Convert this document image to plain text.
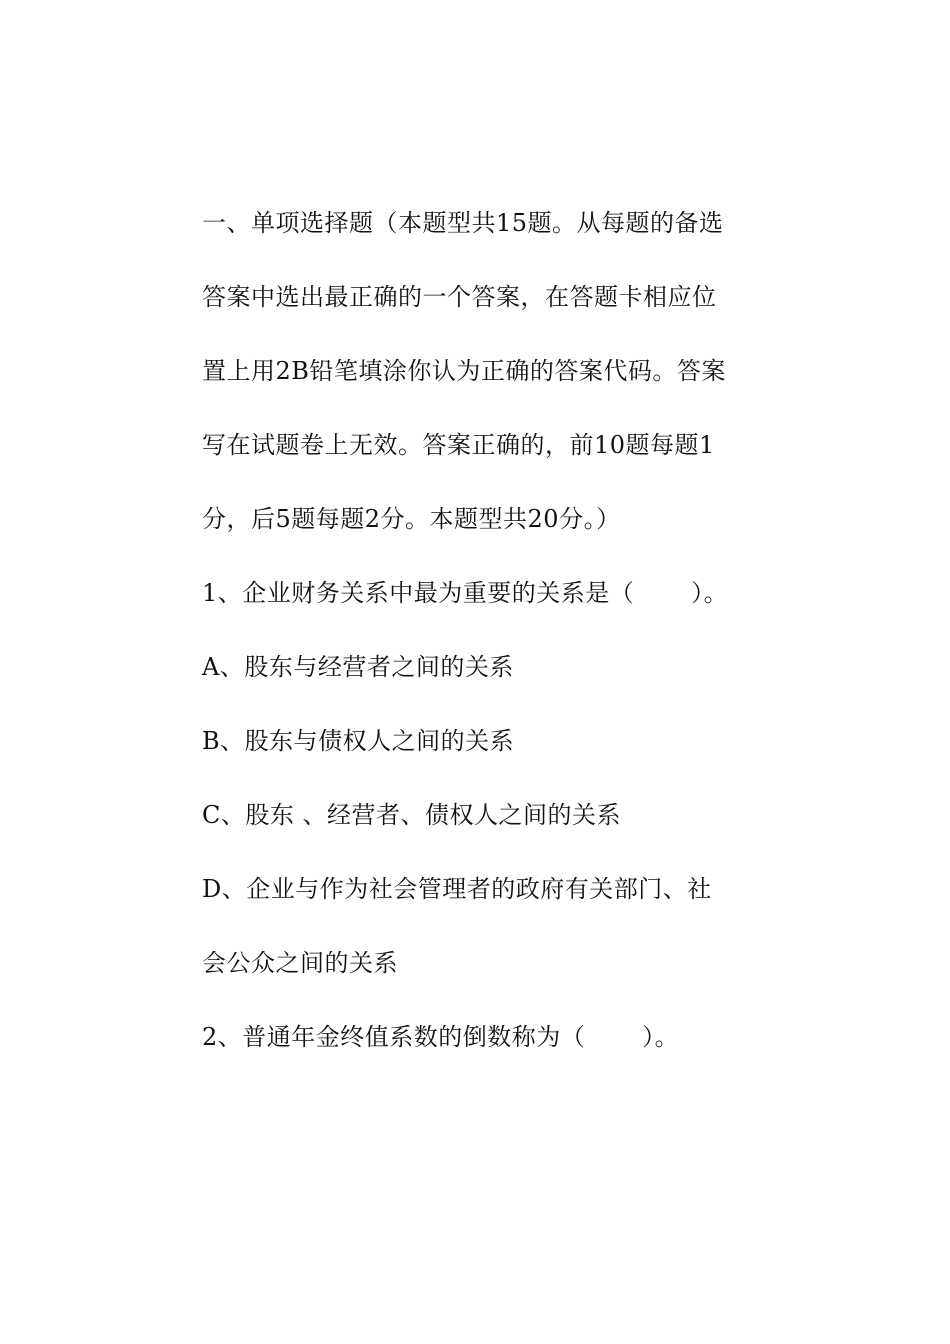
一、单项选择题（本题型共15题。从每题的备选
答案中选出最正确的一个答案，在答题卡相应位
置上用2B铅笔填涂你认为正确的答案代码。答案
写在试题卷上无效。答案正确的，前10题每题1
分，后5题每题2分。本题型共20分。）
1、企业财务关系中最为重要的关系是（       ）。
A、股东与经营者之间的关系
B、股东与债权人之间的关系
C、股东 、经营者、债权人之间的关系
D、企业与作为社会管理者的政府有关部门、社
会公众之间的关系
2、普通年金终值系数的倒数称为（       ）。
